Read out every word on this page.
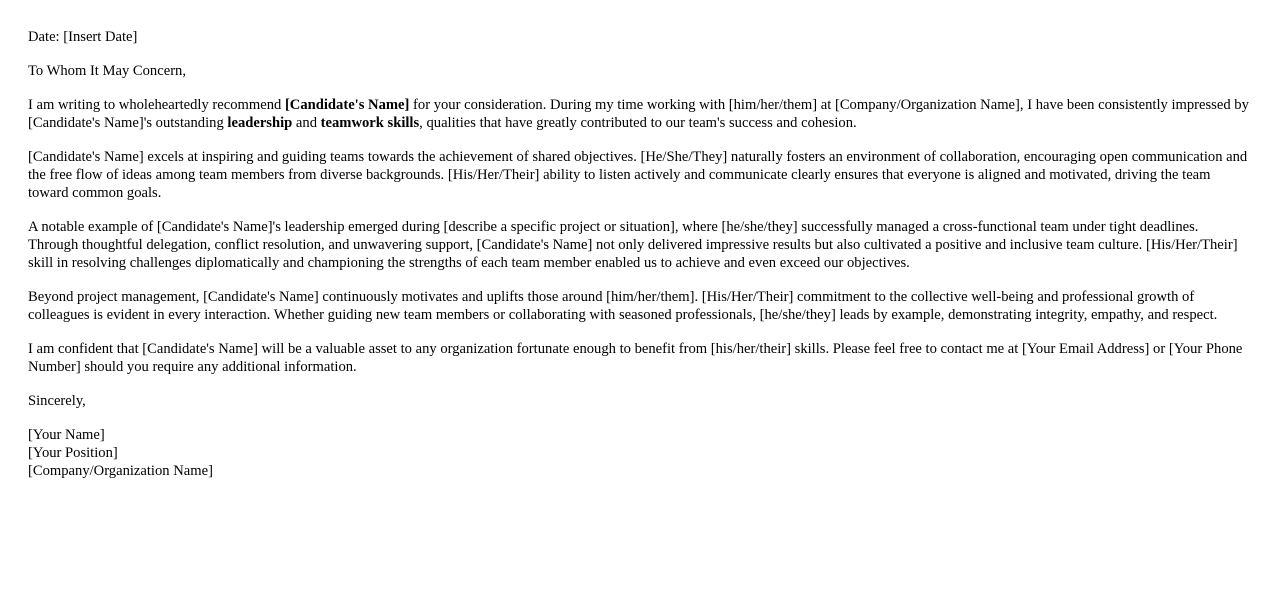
Date: [Insert Date]

To Whom It May Concern,

I am writing to wholeheartedly recommend [Candidate's Name] for your consideration. During my time working with [him/her/them] at [Company/Organization Name], I have been consistently impressed by [Candidate's Name]'s outstanding leadership and teamwork skills, qualities that have greatly contributed to our team's success and cohesion.

[Candidate's Name] excels at inspiring and guiding teams towards the achievement of shared objectives. [He/She/They] naturally fosters an environment of collaboration, encouraging open communication and the free flow of ideas among team members from diverse backgrounds. [His/Her/Their] ability to listen actively and communicate clearly ensures that everyone is aligned and motivated, driving the team toward common goals.

A notable example of [Candidate's Name]'s leadership emerged during [describe a specific project or situation], where [he/she/they] successfully managed a cross-functional team under tight deadlines. Through thoughtful delegation, conflict resolution, and unwavering support, [Candidate's Name] not only delivered impressive results but also cultivated a positive and inclusive team culture. [His/Her/Their] skill in resolving challenges diplomatically and championing the strengths of each team member enabled us to achieve and even exceed our objectives.

Beyond project management, [Candidate's Name] continuously motivates and uplifts those around [him/her/them]. [His/Her/Their] commitment to the collective well-being and professional growth of colleagues is evident in every interaction. Whether guiding new team members or collaborating with seasoned professionals, [he/she/they] leads by example, demonstrating integrity, empathy, and respect.

I am confident that [Candidate's Name] will be a valuable asset to any organization fortunate enough to benefit from [his/her/their] skills. Please feel free to contact me at [Your Email Address] or [Your Phone Number] should you require any additional information.

Sincerely,

[Your Name]
[Your Position]
[Company/Organization Name]
